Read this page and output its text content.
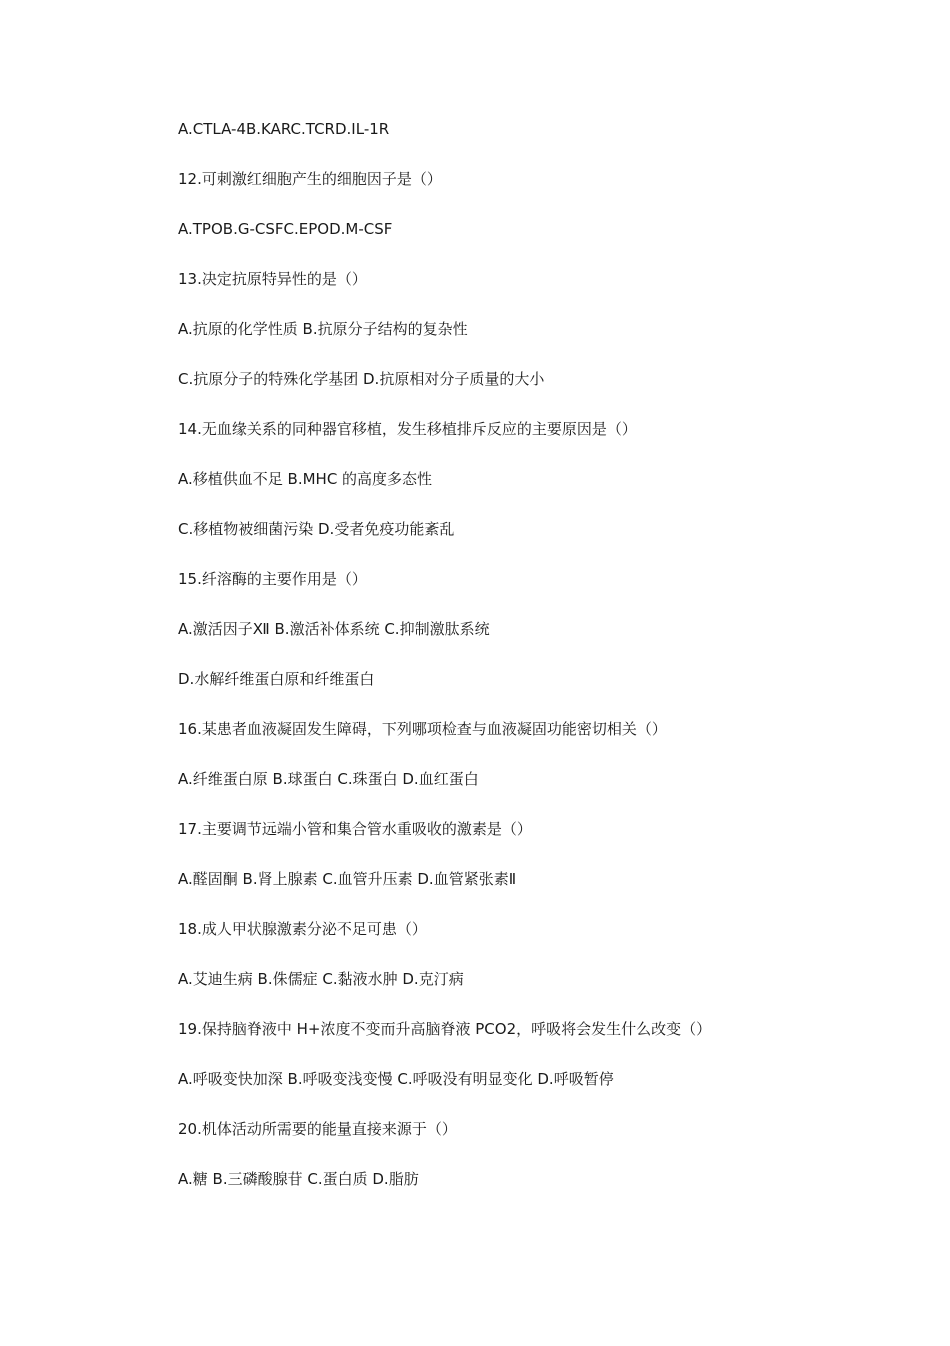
A.CTLA-4B.KARC.TCRD.IL-1R
12.可刺激红细胞产生的细胞因子是（）
A.TPOB.G-CSFC.EPOD.M-CSF
13.决定抗原特异性的是（）
A.抗原的化学性质 B.抗原分子结构的复杂性
C.抗原分子的特殊化学基团 D.抗原相对分子质量的大小
14.无血缘关系的同种器官移植，发生移植排斥反应的主要原因是（）
A.移植供血不足 B.MHC 的高度多态性
C.移植物被细菌污染 D.受者免疫功能紊乱
15.纤溶酶的主要作用是（）
A.激活因子Ⅻ B.激活补体系统 C.抑制激肽系统
D.水解纤维蛋白原和纤维蛋白
16.某患者血液凝固发生障碍，下列哪项检查与血液凝固功能密切相关（）
A.纤维蛋白原 B.球蛋白 C.珠蛋白 D.血红蛋白
17.主要调节远端小管和集合管水重吸收的激素是（）
A.醛固酮 B.肾上腺素 C.血管升压素 D.血管紧张素Ⅱ
18.成人甲状腺激素分泌不足可患（）
A.艾迪生病 B.侏儒症 C.黏液水肿 D.克汀病
19.保持脑脊液中 H+浓度不变而升高脑脊液 PCO2，呼吸将会发生什么改变（）
A.呼吸变快加深 B.呼吸变浅变慢 C.呼吸没有明显变化 D.呼吸暂停
20.机体活动所需要的能量直接来源于（）
A.糖 B.三磷酸腺苷 C.蛋白质 D.脂肪
